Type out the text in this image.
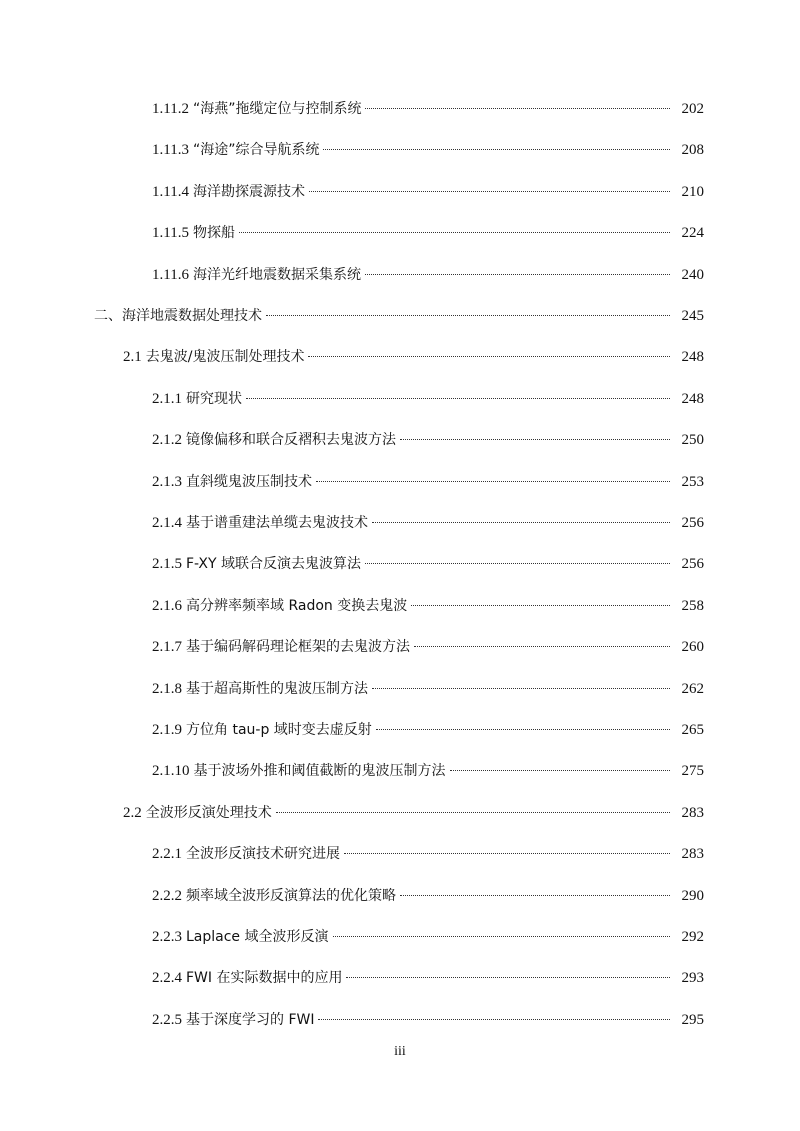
1.11.2 “海燕”拖缆定位与控制系统	202
1.11.3 “海途”综合导航系统	208
1.11.4 海洋勘探震源技术	210
1.11.5 物探船	224
1.11.6 海洋光纤地震数据采集系统	240
二、海洋地震数据处理技术	245
2.1 去鬼波/鬼波压制处理技术	248
2.1.1 研究现状	248
2.1.2 镜像偏移和联合反褶积去鬼波方法	250
2.1.3 直斜缆鬼波压制技术	253
2.1.4 基于谱重建法单缆去鬼波技术	256
2.1.5 F-XY 域联合反演去鬼波算法	256
2.1.6 高分辨率频率域 Radon 变换去鬼波	258
2.1.7 基于编码解码理论框架的去鬼波方法	260
2.1.8 基于超高斯性的鬼波压制方法	262
2.1.9 方位角 tau-p 域时变去虚反射	265
2.1.10 基于波场外推和阈值截断的鬼波压制方法	275
2.2 全波形反演处理技术	283
2.2.1 全波形反演技术研究进展	283
2.2.2 频率域全波形反演算法的优化策略	290
2.2.3 Laplace 域全波形反演	292
2.2.4 FWI 在实际数据中的应用	293
2.2.5 基于深度学习的 FWI	295
iii
